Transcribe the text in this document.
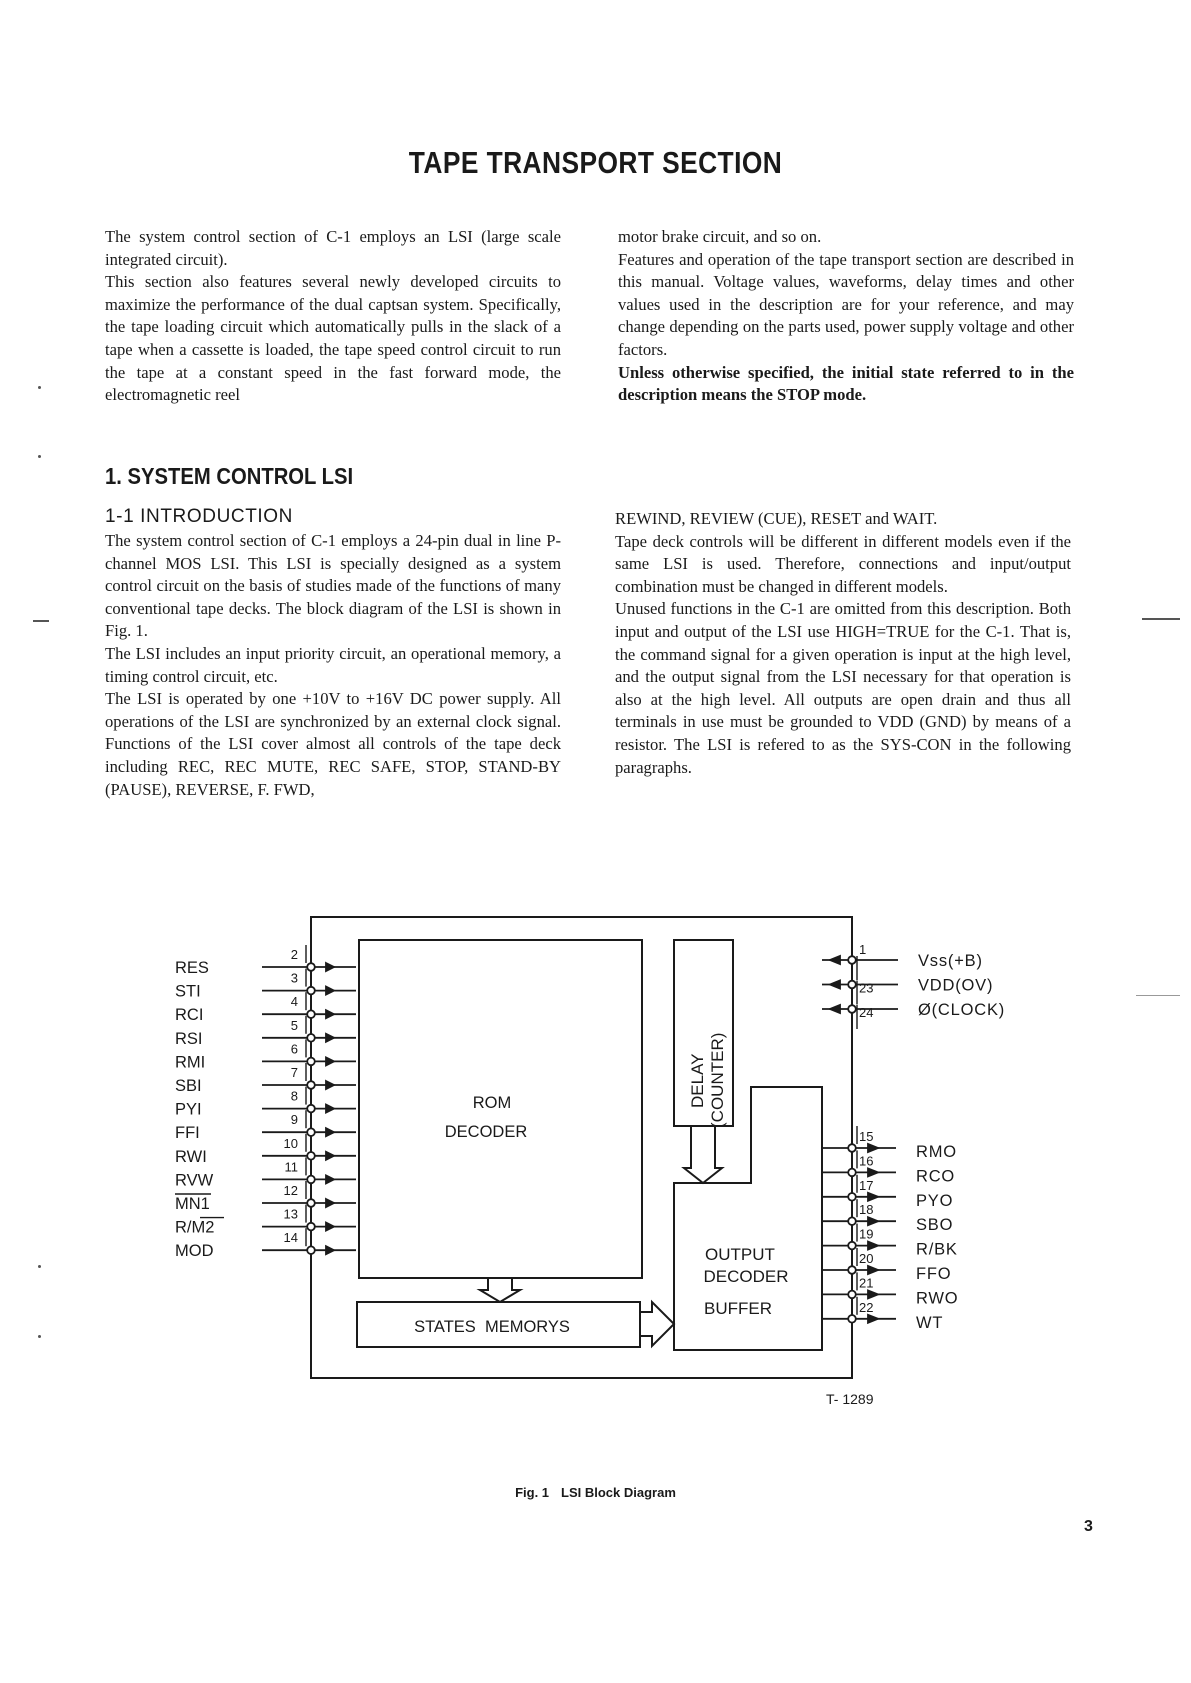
TAPE TRANSPORT SECTION

The system control section of C-1 employs an LSI (large scale integrated circuit).

This section also features several newly developed circuits to maximize the performance of the dual captsan system. Specifically, the tape loading circuit which automatically pulls in the slack of a tape when a cassette is loaded, the tape speed control circuit to run the tape at a constant speed in the fast forward mode, the electromagnetic reel

motor brake circuit, and so on.

Features and operation of the tape transport section are described in this manual. Voltage values, waveforms, delay times and other values used in the description are for your reference, and may change depending on the parts used, power supply voltage and other factors.

Unless otherwise specified, the initial state referred to in the description means the STOP mode.

1. SYSTEM CONTROL LSI
1-1 INTRODUCTION

The system control section of C-1 employs a 24-pin dual in line P-channel MOS LSI. This LSI is specially designed as a system control circuit on the basis of studies made of the functions of many conventional tape decks. The block diagram of the LSI is shown in Fig. 1.

The LSI includes an input priority circuit, an operational memory, a timing control circuit, etc.

The LSI is operated by one +10V to +16V DC power supply. All operations of the LSI are synchronized by an external clock signal. Functions of the LSI cover almost all controls of the tape deck including REC, REC MUTE, REC SAFE, STOP, STAND-BY (PAUSE), REVERSE, F. FWD,

REWIND, REVIEW (CUE), RESET and WAIT.

Tape deck controls will be different in different models even if the same LSI is used. Therefore, connections and input/output combination must be changed in different models.

Unused functions in the C-1 are omitted from this description. Both input and output of the LSI use HIGH=TRUE for the C-1. That is, the command signal for a given operation is input at the high level, and the output signal from the LSI necessary for that operation is also at the high level. All outputs are open drain and thus all terminals in use must be grounded to VDD (GND) by means of a resistor. The LSI is refered to as the SYS-CON in the following paragraphs.

2
RES
3
STI
4
RCI
5
RSI
6
RMI
7
SBI
8
PYI
9
FFI
10
RWI
11
RVW
12
MN1
13
R/M2
14
MOD
1
Vss(+B)
23	VDD(OV)
24	Ø(CLOCK)
15
RMO
16
RCO
17
PYO
18
SBO
19
R/BK
20
FFO
21
RWO
22
WT
ROM
DECODER
DELAY (COUNTER)
STATES  MEMORYS
OUTPUT
DECODER
BUFFER
T- 1289
Fig. 1 LSI Block Diagram
3
